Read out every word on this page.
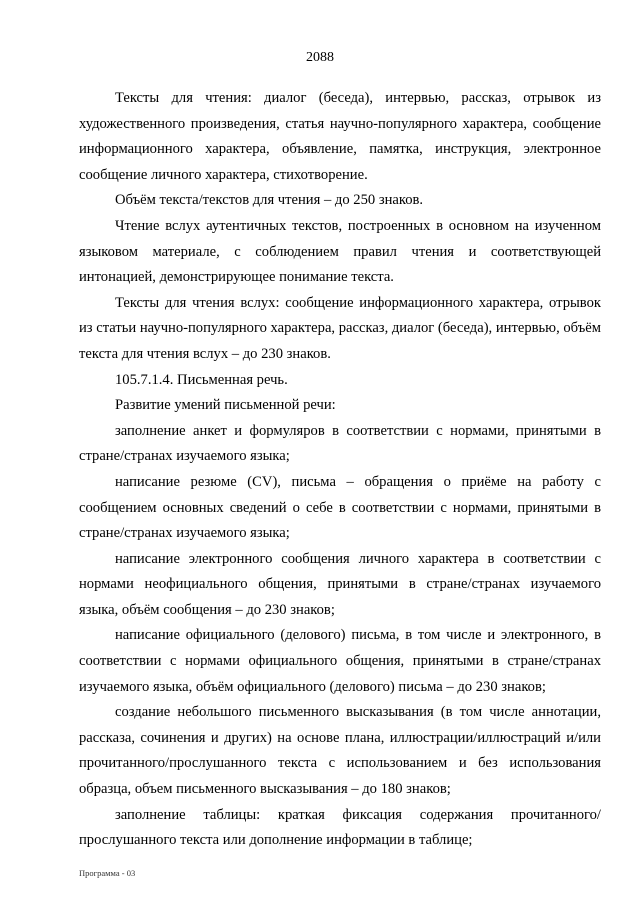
2088

Тексты для чтения: диалог (беседа), интервью, рассказ, отрывок из художественного произведения, статья научно-популярного характера, сообщение информационного характера, объявление, памятка, инструкция, электронное сообщение личного характера, стихотворение.

Объём текста/текстов для чтения – до 250 знаков.

Чтение вслух аутентичных текстов, построенных в основном на изученном языковом материале, с соблюдением правил чтения и соответствующей интонацией, демонстрирующее понимание текста.

Тексты для чтения вслух: сообщение информационного характера, отрывок из статьи научно-популярного характера, рассказ, диалог (беседа), интервью, объём текста для чтения вслух – до 230 знаков.

105.7.1.4. Письменная речь.

Развитие умений письменной речи:

заполнение анкет и формуляров в соответствии с нормами, принятыми в стране/странах изучаемого языка;

написание резюме (CV), письма – обращения о приёме на работу с сообщением основных сведений о себе в соответствии с нормами, принятыми в стране/странах изучаемого языка;

написание электронного сообщения личного характера в соответствии с нормами неофициального общения, принятыми в стране/странах изучаемого языка, объём сообщения – до 230 знаков;

написание официального (делового) письма, в том числе и электронного, в соответствии с нормами официального общения, принятыми в стране/странах изучаемого языка, объём официального (делового) письма – до 230 знаков;

создание небольшого письменного высказывания (в том числе аннотации, рассказа, сочинения и других) на основе плана, иллюстрации/иллюстраций и/или прочитанного/прослушанного текста с использованием и без использования образца, объем письменного высказывания – до 180 знаков;

заполнение таблицы: краткая фиксация содержания прочитанного/прослушанного текста или дополнение информации в таблице;

Программа - 03
